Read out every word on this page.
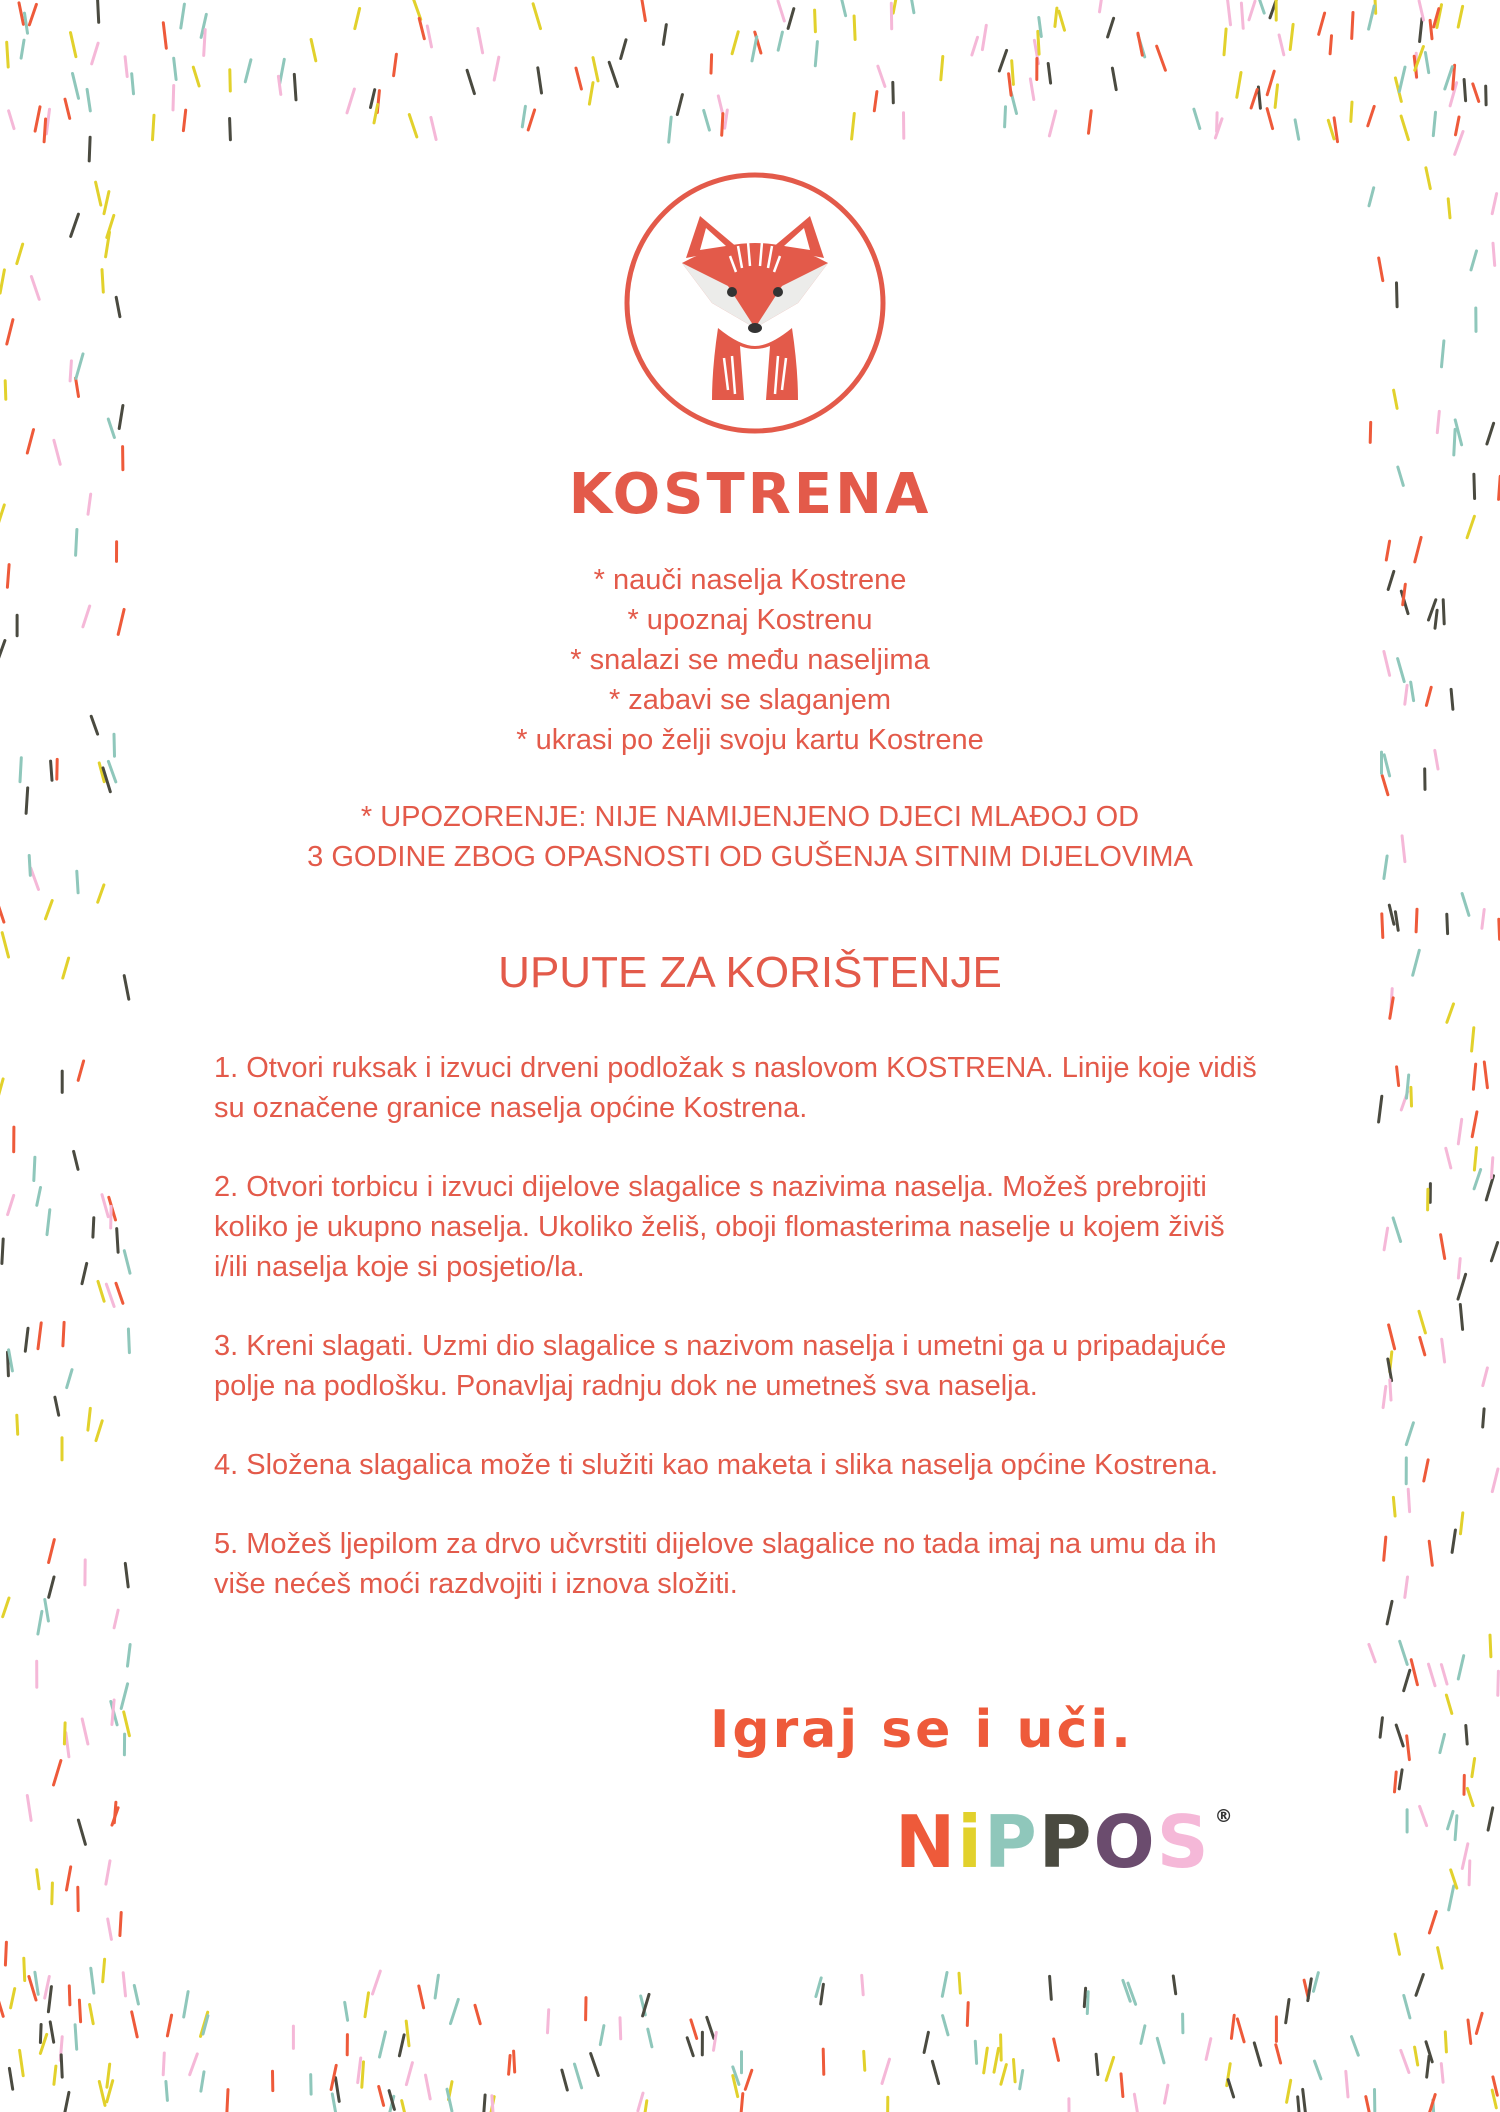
KOSTRENA
* nauči naselja Kostrene
* upoznaj Kostrenu
* snalazi se među naseljima
* zabavi se slaganjem
* ukrasi po želji svoju kartu Kostrene
* UPOZORENJE: NIJE NAMIJENJENO DJECI MLAĐOJ OD
3 GODINE ZBOG OPASNOSTI OD GUŠENJA SITNIM DIJELOVIMA
UPUTE ZA KORIŠTENJE
1. Otvori ruksak i izvuci drveni podložak s naslovom KOSTRENA. Linije koje vidiš
su označene granice naselja općine Kostrena.
2. Otvori torbicu i izvuci dijelove slagalice s nazivima naselja. Možeš prebrojiti
koliko je ukupno naselja. Ukoliko želiš, oboji flomasterima naselje u kojem živiš
i/ili naselja koje si posjetio/la.
3. Kreni slagati. Uzmi dio slagalice s nazivom naselja i umetni ga u pripadajuće
polje na podlošku. Ponavljaj radnju dok ne umetneš sva naselja.
4. Složena slagalica može ti služiti kao maketa i slika naselja općine Kostrena.
5. Možeš ljepilom za drvo učvrstiti dijelove slagalice no tada imaj na umu da ih
više nećeš moći razdvojiti i iznova složiti.
Igraj se i uči.
NiPPOS ®
